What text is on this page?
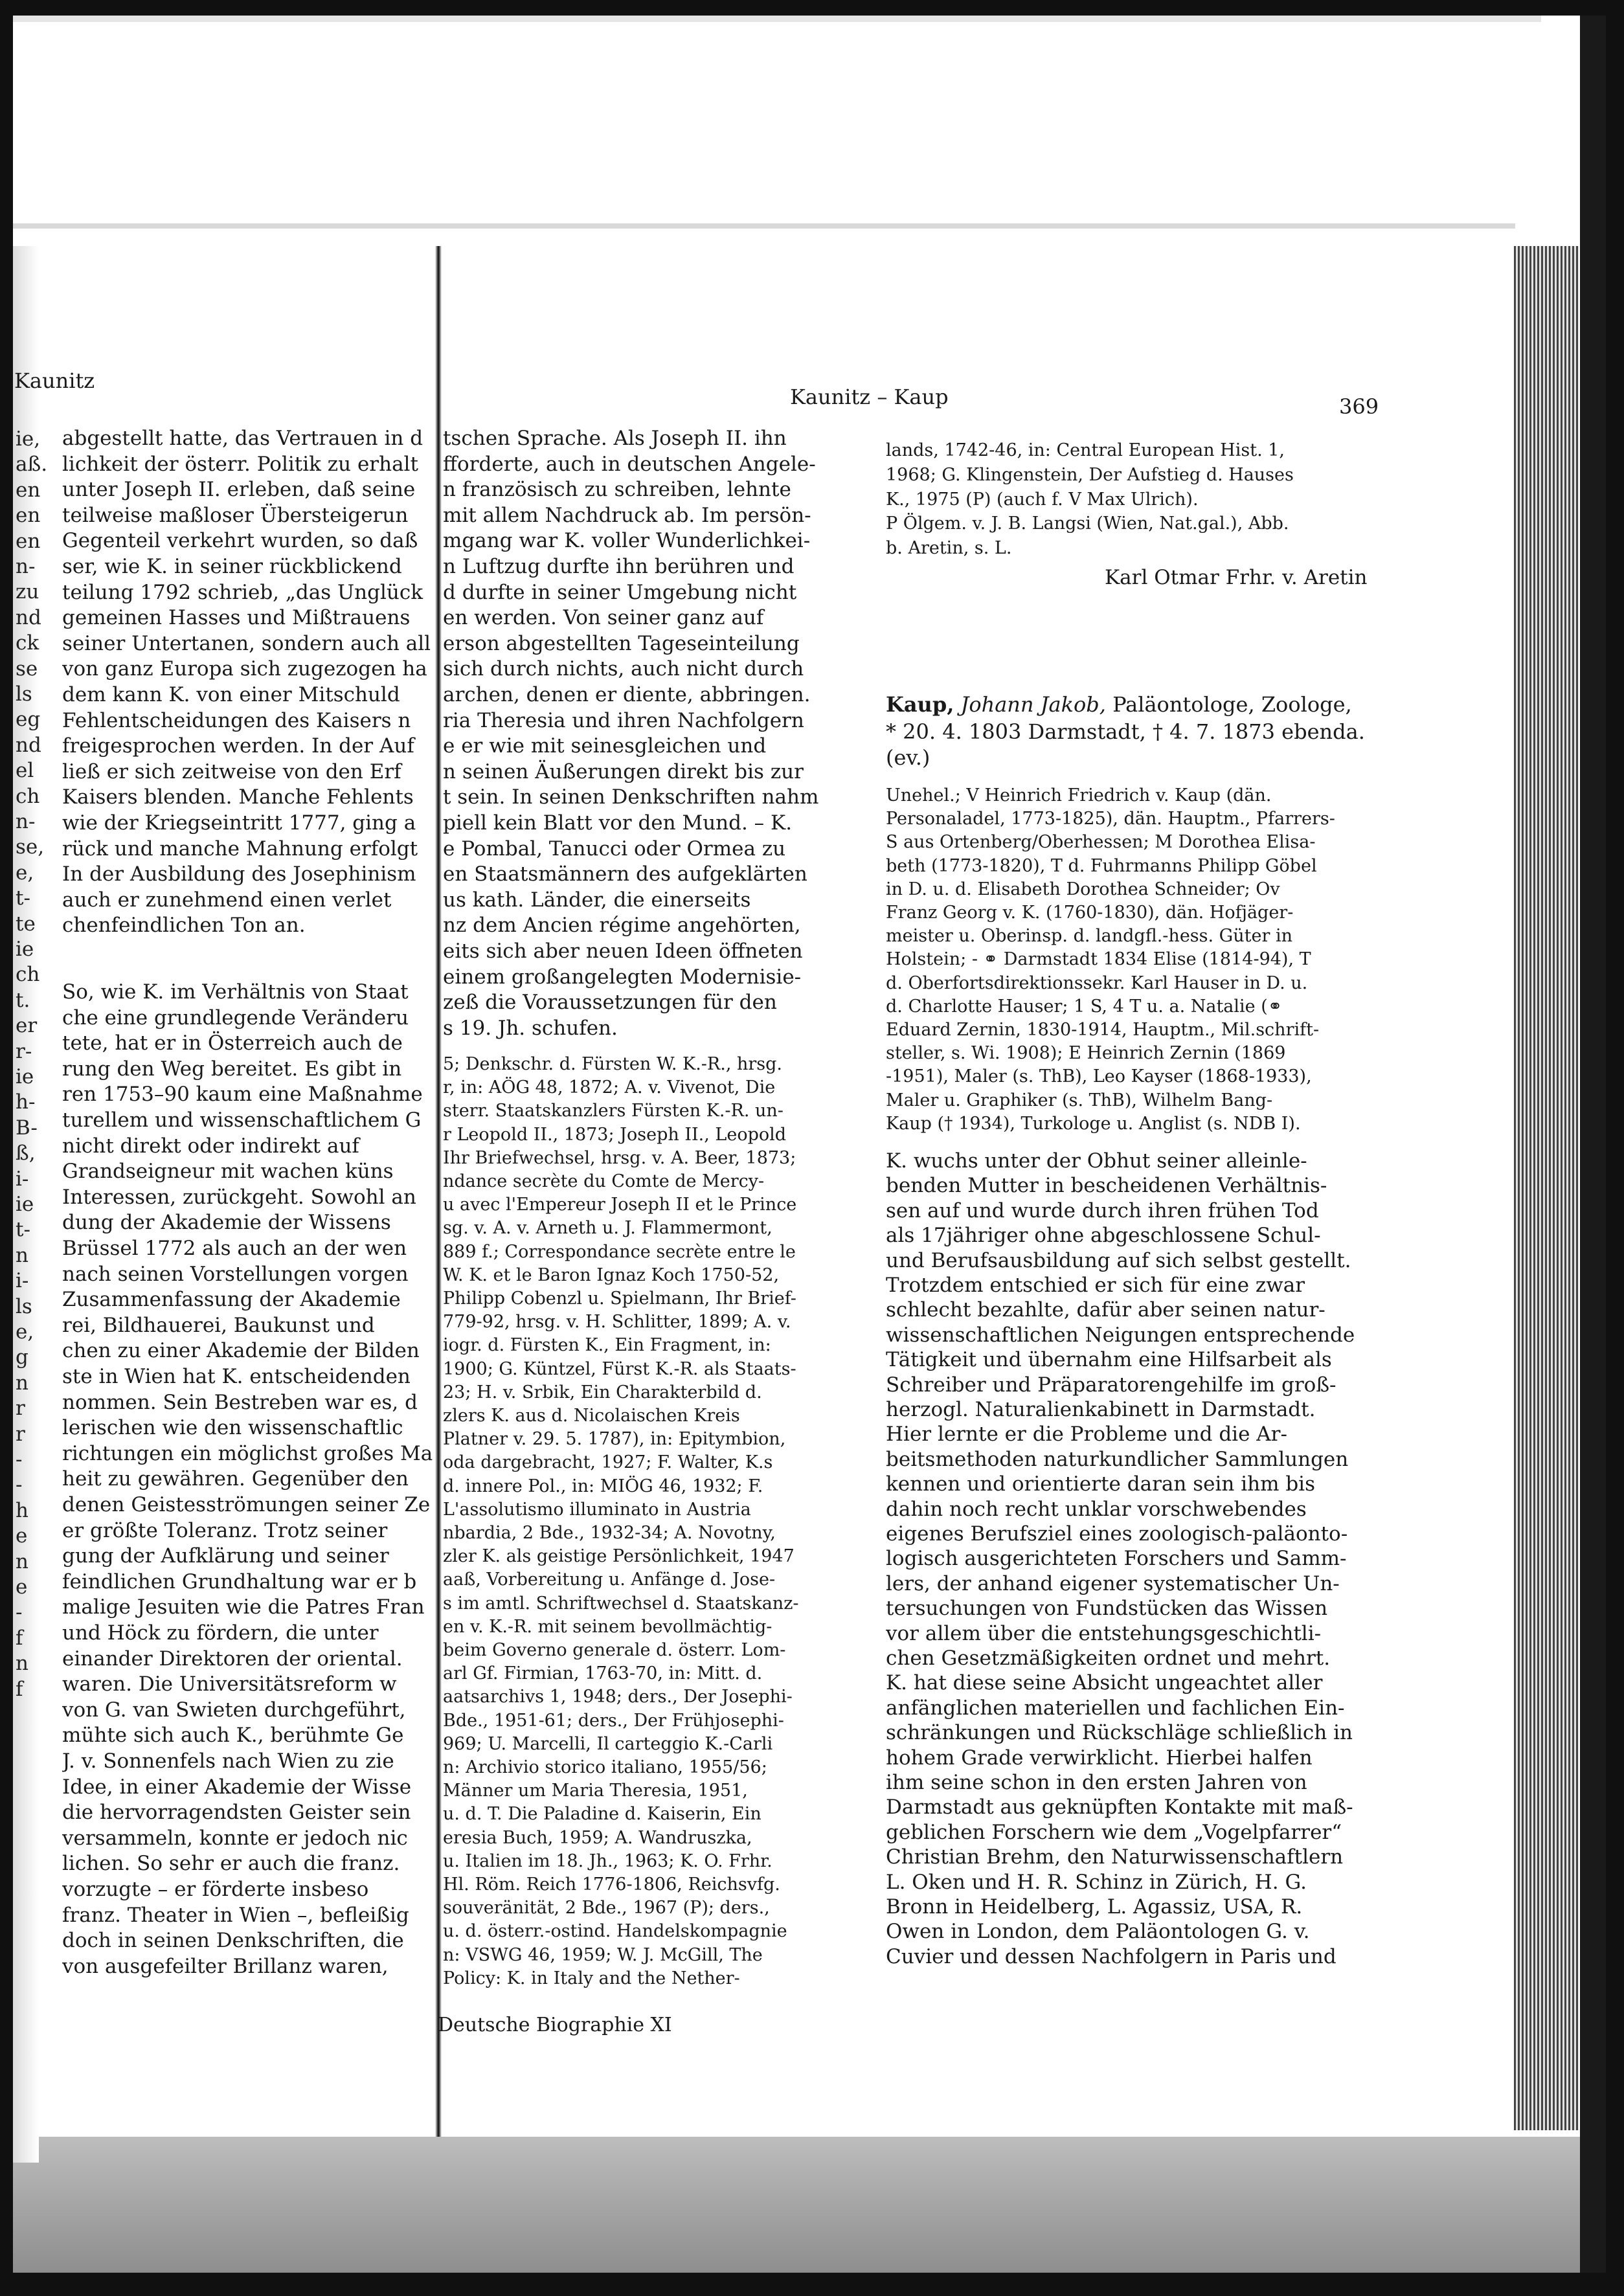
Kaunitz
ie,
aß.
en
en
en
n-
zu
nd
ck
se
ls
eg
nd
el
ch
n-
se,
e,
t-
te
ie
ch
t.
er
r-
ie
h-
B-
ß,
i-
ie
t-
n
i-
ls
e,
g
n
r
r
-
-
h
e
n
e
-
f
n
f
abgestellt hatte, das Vertrauen in d
lichkeit der österr. Politik zu erhalt
unter Joseph II. erleben, daß seine
teilweise maßloser Übersteigerun
Gegenteil verkehrt wurden, so daß
ser, wie K. in seiner rückblickend
teilung 1792 schrieb, „das Unglück
gemeinen Hasses und Mißtrauens
seiner Untertanen, sondern auch all
von ganz Europa sich zugezogen ha
dem kann K. von einer Mitschuld
Fehlentscheidungen des Kaisers n
freigesprochen werden. In der Auf
ließ er sich zeitweise von den Erf
Kaisers blenden. Manche Fehlents
wie der Kriegseintritt 1777, ging a
rück und manche Mahnung erfolgt
In der Ausbildung des Josephinism
auch er zunehmend einen verlet
chenfeindlichen Ton an.
So, wie K. im Verhältnis von Staat
che eine grundlegende Veränderu
tete, hat er in Österreich auch de
rung den Weg bereitet. Es gibt in
ren 1753–90 kaum eine Maßnahme
turellem und wissenschaftlichem G
nicht direkt oder indirekt auf
Grandseigneur mit wachen küns
Interessen, zurückgeht. Sowohl an
dung der Akademie der Wissens
Brüssel 1772 als auch an der wen
nach seinen Vorstellungen vorgen
Zusammenfassung der Akademie
rei, Bildhauerei, Baukunst und
chen zu einer Akademie der Bilden
ste in Wien hat K. entscheidenden
nommen. Sein Bestreben war es, d
lerischen wie den wissenschaftlic
richtungen ein möglichst großes Ma
heit zu gewähren. Gegenüber den
denen Geistesströmungen seiner Ze
er größte Toleranz. Trotz seiner
gung der Aufklärung und seiner
feindlichen Grundhaltung war er b
malige Jesuiten wie die Patres Fran
und Höck zu fördern, die unter
einander Direktoren der oriental.
waren. Die Universitätsreform w
von G. van Swieten durchgeführt,
mühte sich auch K., berühmte Ge
J. v. Sonnenfels nach Wien zu zie
Idee, in einer Akademie der Wisse
die hervorragendsten Geister sein
versammeln, konnte er jedoch nic
lichen. So sehr er auch die franz.
vorzugte – er förderte insbeso
franz. Theater in Wien –, befleißig
doch in seinen Denkschriften, die
von ausgefeilter Brillanz waren,
Kaunitz – Kaup	369
tschen Sprache. Als Joseph II. ihn
fforderte, auch in deutschen Angele-
n französisch zu schreiben, lehnte
mit allem Nachdruck ab. Im persön-
mgang war K. voller Wunderlichkei-
n Luftzug durfte ihn berühren und
d durfte in seiner Umgebung nicht
en werden. Von seiner ganz auf
erson abgestellten Tageseinteilung
sich durch nichts, auch nicht durch
archen, denen er diente, abbringen.
ria Theresia und ihren Nachfolgern
e er wie mit seinesgleichen und
n seinen Äußerungen direkt bis zur
t sein. In seinen Denkschriften nahm
piell kein Blatt vor den Mund. – K.
e Pombal, Tanucci oder Ormea zu
en Staatsmännern des aufgeklärten
us kath. Länder, die einerseits
nz dem Ancien régime angehörten,
eits sich aber neuen Ideen öffneten
einem großangelegten Modernisie-
zeß die Voraussetzungen für den
s 19. Jh. schufen.
5; Denkschr. d. Fürsten W. K.-R., hrsg.
r, in: AÖG 48, 1872; A. v. Vivenot, Die
sterr. Staatskanzlers Fürsten K.-R. un-
r Leopold II., 1873; Joseph II., Leopold
Ihr Briefwechsel, hrsg. v. A. Beer, 1873;
ndance secrète du Comte de Mercy-
u avec l'Empereur Joseph II et le Prince
sg. v. A. v. Arneth u. J. Flammermont,
889 f.; Correspondance secrète entre le
W. K. et le Baron Ignaz Koch 1750-52,
Philipp Cobenzl u. Spielmann, Ihr Brief-
779-92, hrsg. v. H. Schlitter, 1899; A. v.
iogr. d. Fürsten K., Ein Fragment, in:
1900; G. Küntzel, Fürst K.-R. als Staats-
23; H. v. Srbik, Ein Charakterbild d.
zlers K. aus d. Nicolaischen Kreis
Platner v. 29. 5. 1787), in: Epitymbion,
oda dargebracht, 1927; F. Walter, K.s
d. innere Pol., in: MIÖG 46, 1932; F.
L'assolutismo illuminato in Austria
nbardia, 2 Bde., 1932-34; A. Novotny,
zler K. als geistige Persönlichkeit, 1947
aaß, Vorbereitung u. Anfänge d. Jose-
s im amtl. Schriftwechsel d. Staatskanz-
en v. K.-R. mit seinem bevollmächtig-
beim Governo generale d. österr. Lom-
arl Gf. Firmian, 1763-70, in: Mitt. d.
aatsarchivs 1, 1948; ders., Der Josephi-
Bde., 1951-61; ders., Der Frühjosephi-
969; U. Marcelli, Il carteggio K.-Carli
n: Archivio storico italiano, 1955/56;
Männer um Maria Theresia, 1951,
u. d. T. Die Paladine d. Kaiserin, Ein
eresia Buch, 1959; A. Wandruszka,
u. Italien im 18. Jh., 1963; K. O. Frhr.
Hl. Röm. Reich 1776-1806, Reichsvfg.
souveränität, 2 Bde., 1967 (P); ders.,
u. d. österr.-ostind. Handelskompagnie
n: VSWG 46, 1959; W. J. McGill, The
Policy: K. in Italy and the Nether-
Deutsche Biographie XI
lands, 1742-46, in: Central European Hist. 1,
1968; G. Klingenstein, Der Aufstieg d. Hauses
K., 1975 (P) (auch f. V Max Ulrich).
P Ölgem. v. J. B. Langsi (Wien, Nat.gal.), Abb.
b. Aretin, s. L.
Karl Otmar Frhr. v. Aretin
Kaup, Johann Jakob, Paläontologe, Zoologe,
* 20. 4. 1803 Darmstadt, † 4. 7. 1873 ebenda.
(ev.)
Unehel.; V Heinrich Friedrich v. Kaup (dän.
Personaladel, 1773-1825), dän. Hauptm., Pfarrers-
S aus Ortenberg/Oberhessen; M Dorothea Elisa-
beth (1773-1820), T d. Fuhrmanns Philipp Göbel
in D. u. d. Elisabeth Dorothea Schneider; Ov
Franz Georg v. K. (1760-1830), dän. Hofjäger-
meister u. Oberinsp. d. landgfl.-hess. Güter in
Holstein; - ⚭ Darmstadt 1834 Elise (1814-94), T
d. Oberfortsdirektionssekr. Karl Hauser in D. u.
d. Charlotte Hauser; 1 S, 4 T u. a. Natalie (⚭
Eduard Zernin, 1830-1914, Hauptm., Mil.schrift-
steller, s. Wi. 1908); E Heinrich Zernin (1869
-1951), Maler (s. ThB), Leo Kayser (1868-1933),
Maler u. Graphiker (s. ThB), Wilhelm Bang-
Kaup († 1934), Turkologe u. Anglist (s. NDB I).
K. wuchs unter der Obhut seiner alleinle-
benden Mutter in bescheidenen Verhältnis-
sen auf und wurde durch ihren frühen Tod
als 17jähriger ohne abgeschlossene Schul-
und Berufsausbildung auf sich selbst gestellt.
Trotzdem entschied er sich für eine zwar
schlecht bezahlte, dafür aber seinen natur-
wissenschaftlichen Neigungen entsprechende
Tätigkeit und übernahm eine Hilfsarbeit als
Schreiber und Präparatorengehilfe im groß-
herzogl. Naturalienkabinett in Darmstadt.
Hier lernte er die Probleme und die Ar-
beitsmethoden naturkundlicher Sammlungen
kennen und orientierte daran sein ihm bis
dahin noch recht unklar vorschwebendes
eigenes Berufsziel eines zoologisch-paläonto-
logisch ausgerichteten Forschers und Samm-
lers, der anhand eigener systematischer Un-
tersuchungen von Fundstücken das Wissen
vor allem über die entstehungsgeschichtli-
chen Gesetzmäßigkeiten ordnet und mehrt.
K. hat diese seine Absicht ungeachtet aller
anfänglichen materiellen und fachlichen Ein-
schränkungen und Rückschläge schließlich in
hohem Grade verwirklicht. Hierbei halfen
ihm seine schon in den ersten Jahren von
Darmstadt aus geknüpften Kontakte mit maß-
geblichen Forschern wie dem „Vogelpfarrer“
Christian Brehm, den Naturwissenschaftlern
L. Oken und H. R. Schinz in Zürich, H. G.
Bronn in Heidelberg, L. Agassiz, USA, R.
Owen in London, dem Paläontologen G. v.
Cuvier und dessen Nachfolgern in Paris und
